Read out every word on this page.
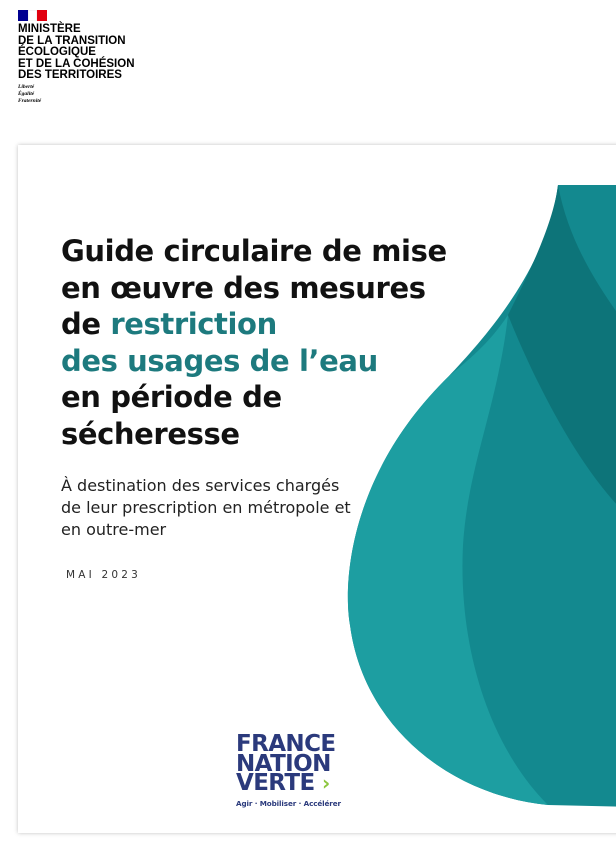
MINISTÈRE
DE LA TRANSITION
ÉCOLOGIQUE
ET DE LA COHÉSION
DES TERRITOIRES
Liberté
Égalité
Fraternité
Guide circulaire de mise
en œuvre des mesures
de restriction
des usages de l’eau
en période de
sécheresse
À destination des services chargés de leur prescription en métropole et en outre-mer
MAI 2023
FRANCE
NATION
VERTE ›
Agir · Mobiliser · Accélérer
